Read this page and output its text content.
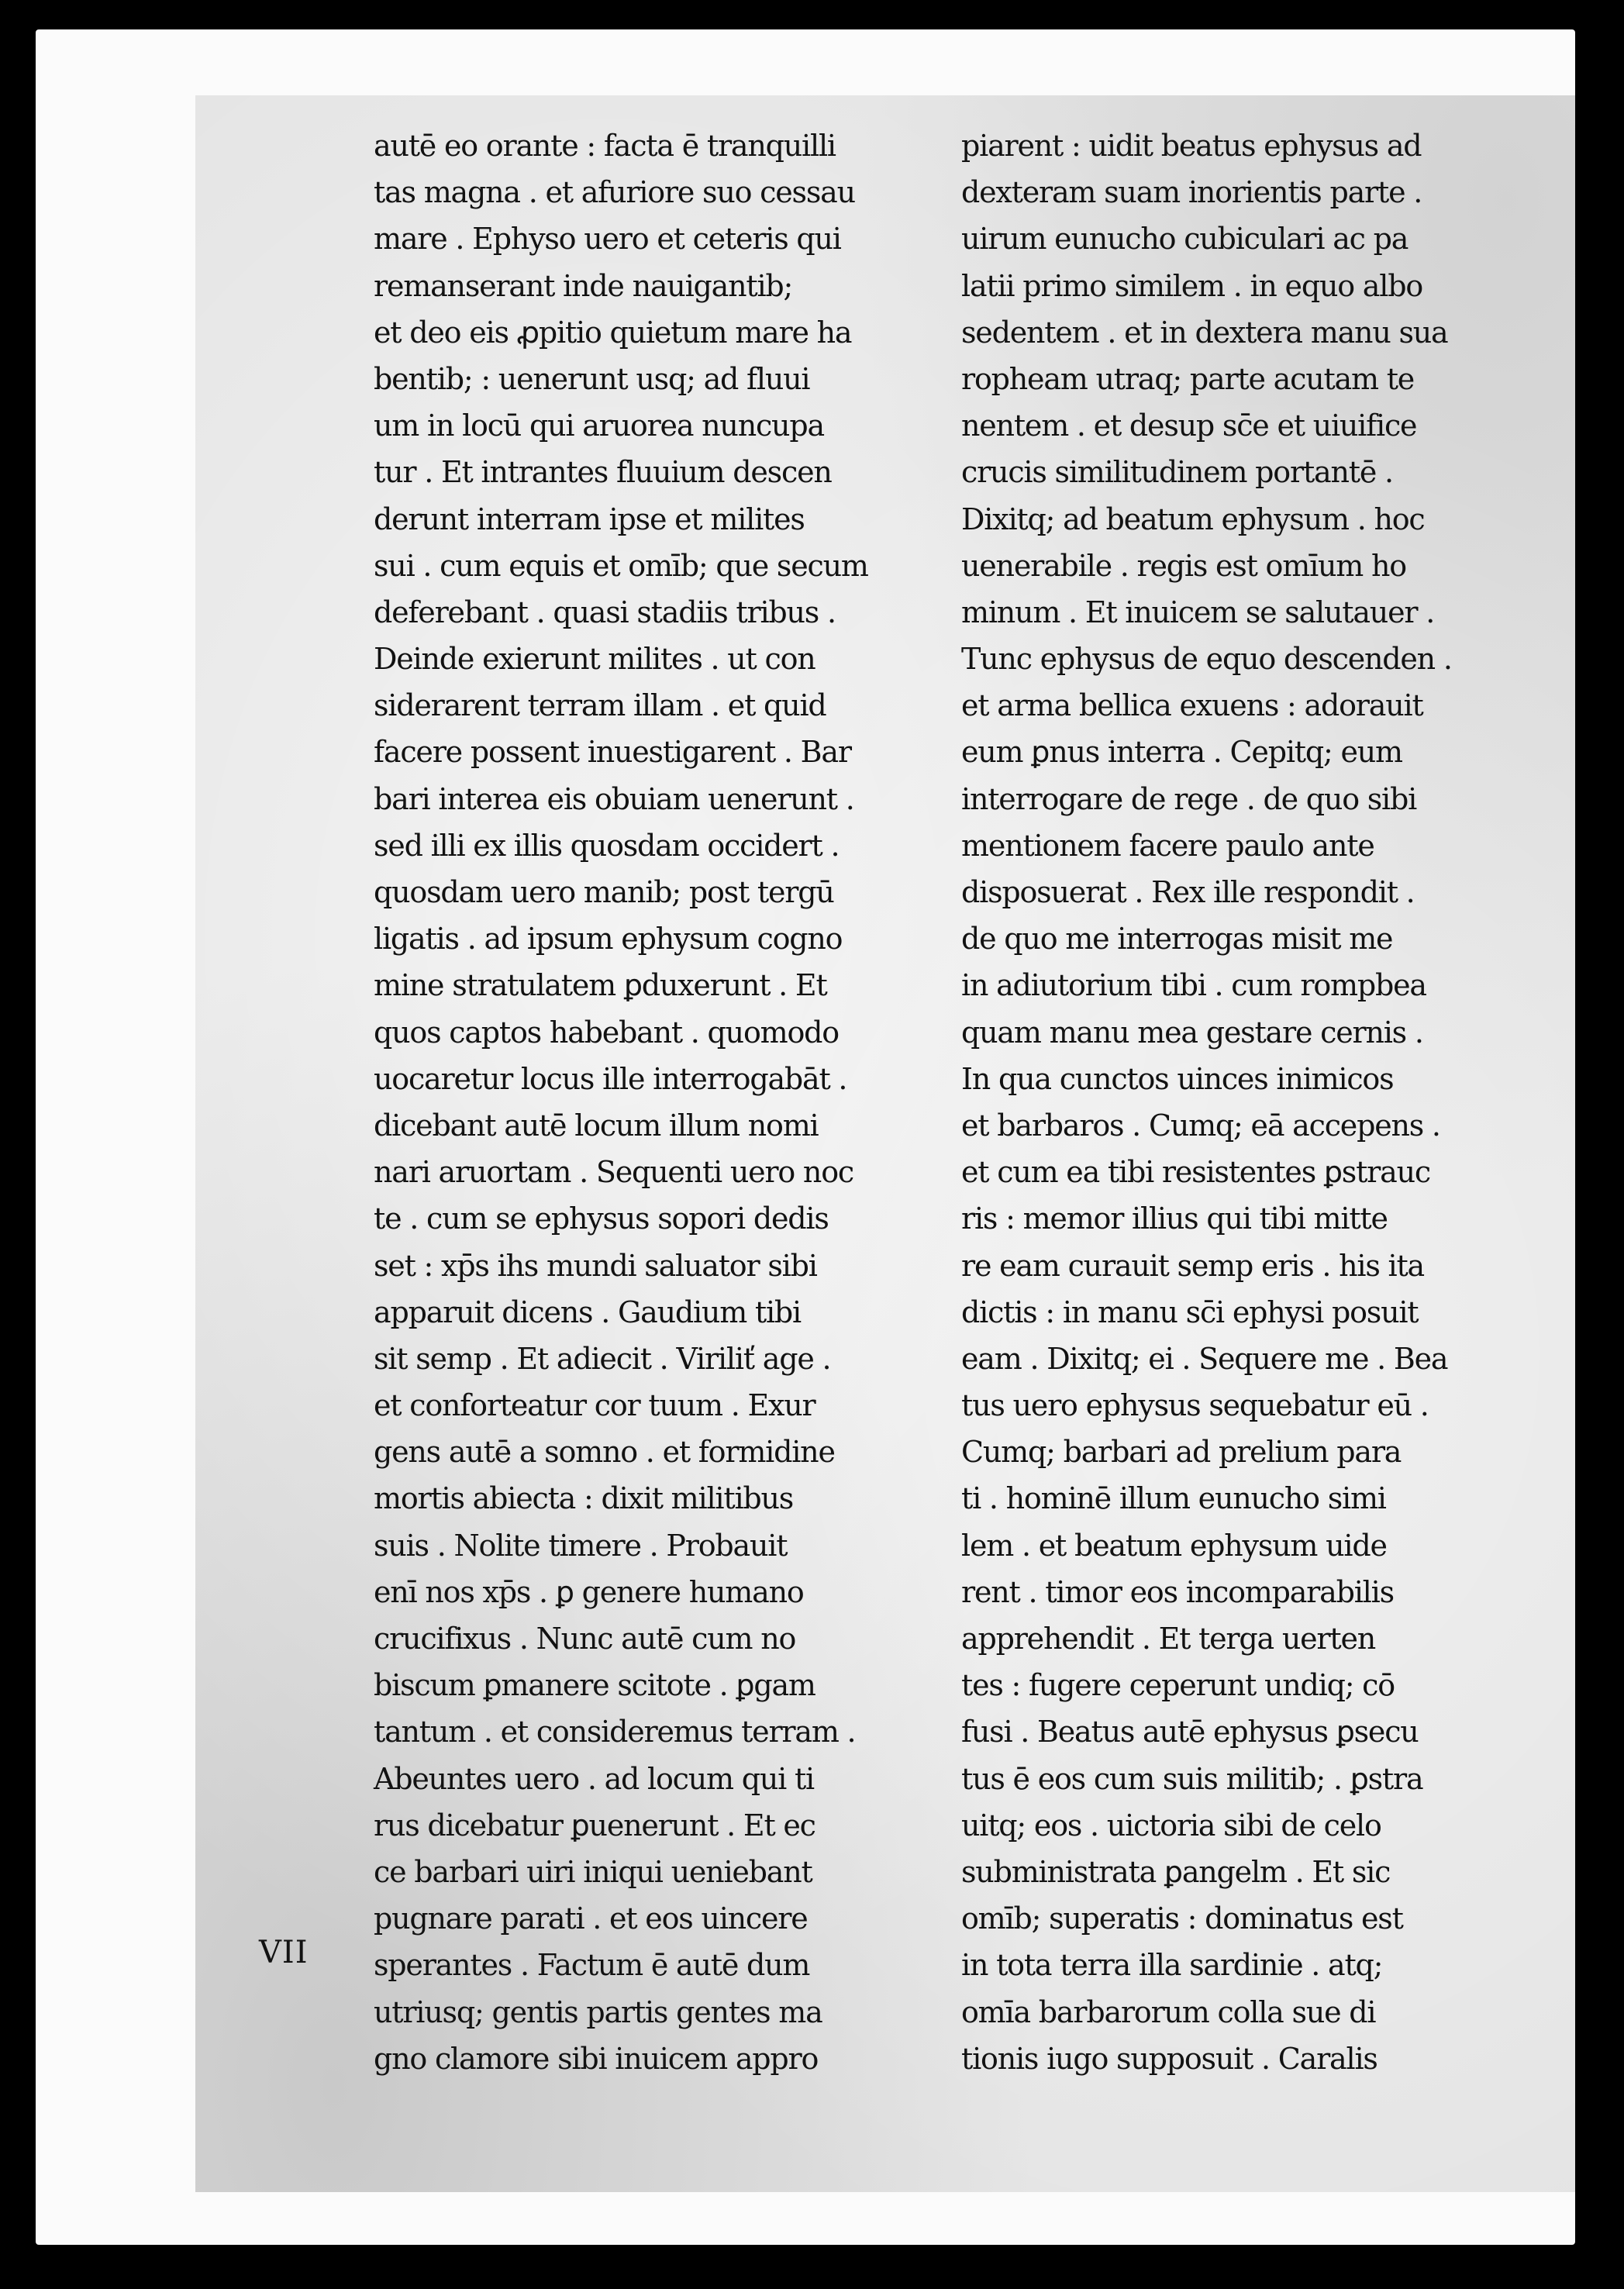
VII
autē eo orante : facta ē tranquilli
tas magna . et afuriore suo cessau
mare . Ephyso uero et ceteris qui
remanserant inde nauigantib;
et deo eis ꝓpitio quietum mare ha
bentib; : uenerunt usq; ad fluui
um in locū qui aruorea nuncupa
tur . Et intrantes fluuium descen
derunt interram ipse et milites
sui . cum equis et omīb; que secum
deferebant . quasi stadiis tribus .
Deinde exierunt milites . ut con
siderarent terram illam . et quid
facere possent inuestigarent . Bar
bari interea eis obuiam uenerunt .
sed illi ex illis quosdam occidert .
quosdam uero manib; post tergū
ligatis . ad ipsum ephysum cogno
mine stratulatem ꝑduxerunt . Et
quos captos habebant . quomodo
uocaretur locus ille interrogabāt .
dicebant autē locum illum nomi
nari aruortam . Sequenti uero noc
te . cum se ephysus sopori dedis
set : xp̄s ihs mundi saluator sibi
apparuit dicens . Gaudium tibi
sit semp . Et adiecit . Viriliť age .
et conforteatur cor tuum . Exur
gens autē a somno . et formidine
mortis abiecta : dixit militibus
suis . Nolite timere . Probauit
enī nos xp̄s . ꝑ genere humano
crucifixus . Nunc autē cum no
biscum ꝑmanere scitote . ꝑgam
tantum . et consideremus terram .
Abeuntes uero . ad locum qui ti
rus dicebatur ꝑuenerunt . Et ec
ce barbari uiri iniqui ueniebant
pugnare parati . et eos uincere
sperantes . Factum ē autē dum
utriusq; gentis partis gentes ma
gno clamore sibi inuicem appro
piarent : uidit beatus ephysus ad
dexteram suam inorientis parte .
uirum eunucho cubiculari ac pa
latii primo similem . in equo albo
sedentem . et in dextera manu sua
ropheam utraq; parte acutam te
nentem . et desup sc̄e et uiuifice
crucis similitudinem portantē .
Dixitq; ad beatum ephysum . hoc
uenerabile . regis est omīum ho
minum . Et inuicem se salutauer .
Tunc ephysus de equo descenden .
et arma bellica exuens : adorauit
eum ꝑnus interra . Cepitq; eum
interrogare de rege . de quo sibi
mentionem facere paulo ante
disposuerat . Rex ille respondit .
de quo me interrogas misit me
in adiutorium tibi . cum rompbea
quam manu mea gestare cernis .
In qua cunctos uinces inimicos
et barbaros . Cumq; eā accepens .
et cum ea tibi resistentes ꝑstrauc
ris : memor illius qui tibi mitte
re eam curauit semp eris . his ita
dictis : in manu sc̄i ephysi posuit
eam . Dixitq; ei . Sequere me . Bea
tus uero ephysus sequebatur eū .
Cumq; barbari ad prelium para
ti . hominē illum eunucho simi
lem . et beatum ephysum uide
rent . timor eos incomparabilis
apprehendit . Et terga uerten
tes : fugere ceperunt undiq; cō
fusi . Beatus autē ephysus ꝑsecu
tus ē eos cum suis militib; . ꝑstra
uitq; eos . uictoria sibi de celo
subministrata ꝑangelm . Et sic
omīb; superatis : dominatus est
in tota terra illa sardinie . atq;
omīa barbarorum colla sue di
tionis iugo supposuit . Caralis
